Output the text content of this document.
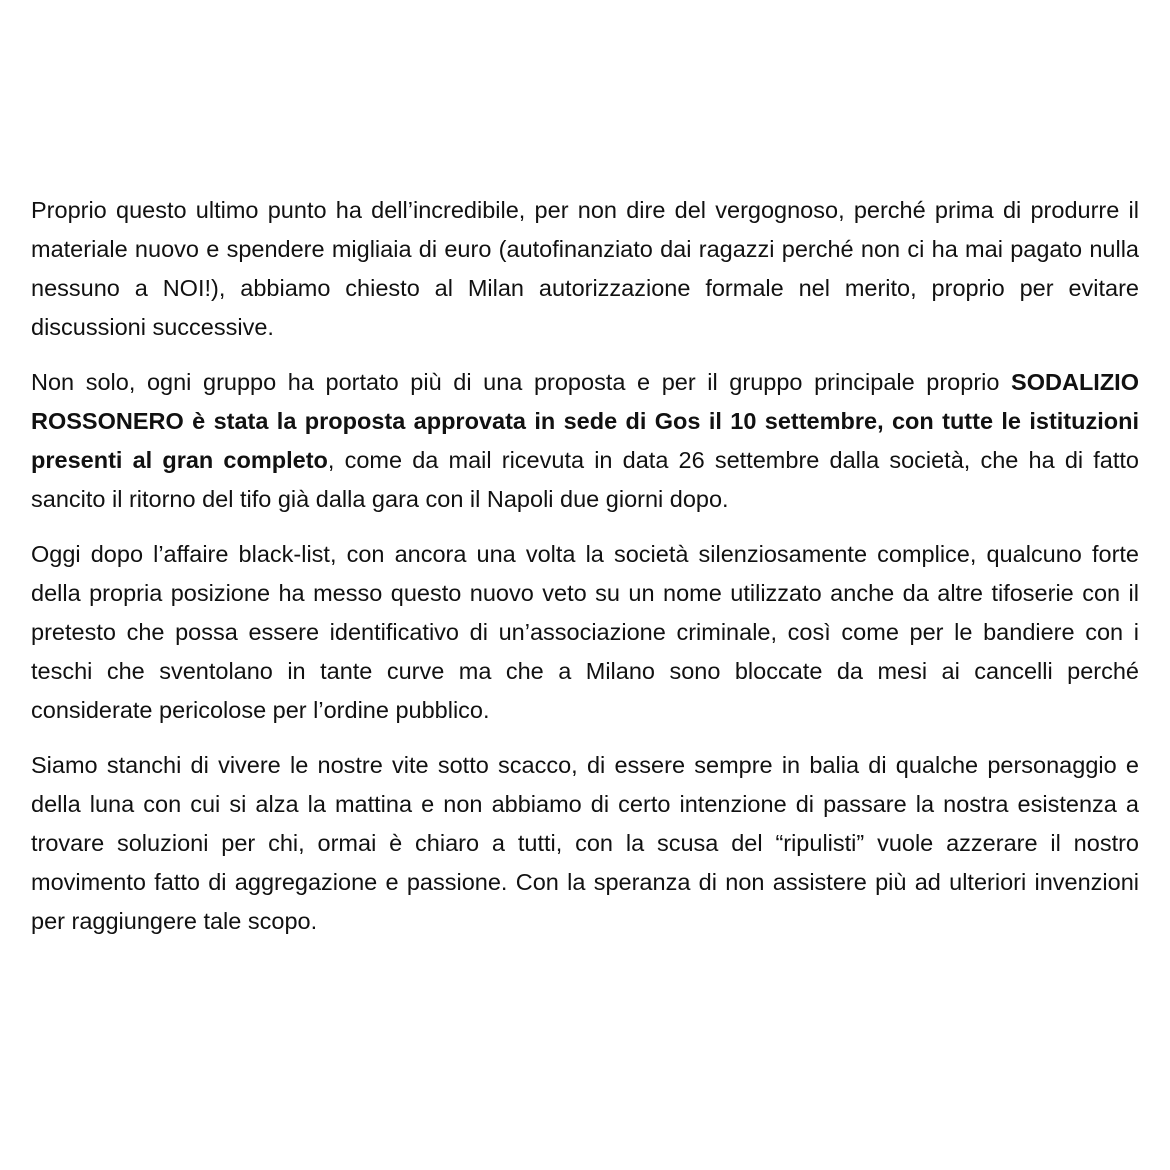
Proprio questo ultimo punto ha dell’incredibile, per non dire del vergognoso, perché prima di produrre il materiale nuovo e spendere migliaia di euro (autofinanziato dai ragazzi perché non ci ha mai pagato nulla nessuno a NOI!), abbiamo chiesto al Milan autorizzazione formale nel merito, proprio per evitare discussioni successive.

Non solo, ogni gruppo ha portato più di una proposta e per il gruppo principale proprio SODALIZIO ROSSONERO è stata la proposta approvata in sede di Gos il 10 settembre, con tutte le istituzioni presenti al gran completo, come da mail ricevuta in data 26 settembre dalla società, che ha di fatto sancito il ritorno del tifo già dalla gara con il Napoli due giorni dopo.

Oggi dopo l’affaire black-list, con ancora una volta la società silenziosamente complice, qualcuno forte della propria posizione ha messo questo nuovo veto su un nome utilizzato anche da altre tifoserie con il pretesto che possa essere identificativo di un’associazione criminale, così come per le bandiere con i teschi che sventolano in tante curve ma che a Milano sono bloccate da mesi ai cancelli perché considerate pericolose per l’ordine pubblico.

Siamo stanchi di vivere le nostre vite sotto scacco, di essere sempre in balia di qualche personaggio e della luna con cui si alza la mattina e non abbiamo di certo intenzione di passare la nostra esistenza a trovare soluzioni per chi, ormai è chiaro a tutti, con la scusa del “ripulisti” vuole azzerare il nostro movimento fatto di aggregazione e passione. Con la speranza di non assistere più ad ulteriori invenzioni per raggiungere tale scopo.
